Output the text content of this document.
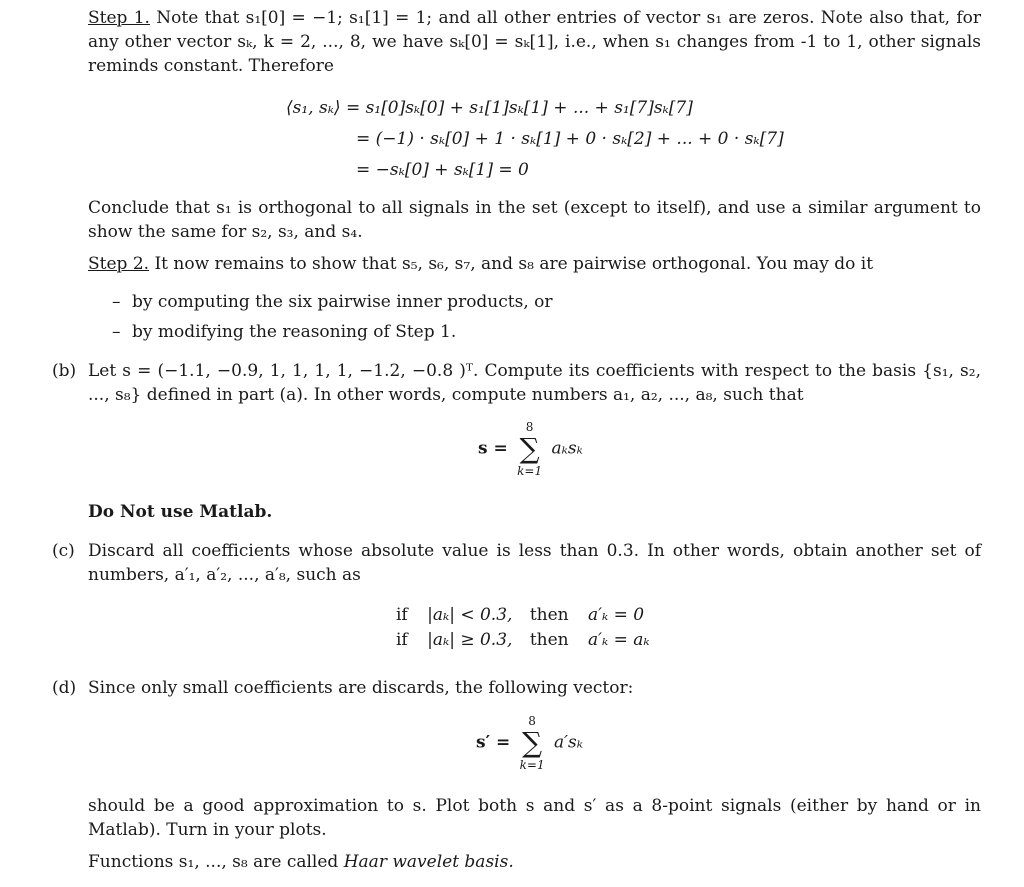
Step 1. Note that s₁[0] = −1; s₁[1] = 1; and all other entries of vector s₁ are zeros. Note also that, for any other vector sₖ, k = 2, ..., 8, we have sₖ[0] = sₖ[1], i.e., when s₁ changes from -1 to 1, other signals reminds constant. Therefore

⟨s₁, sₖ⟩ = s₁[0]sₖ[0] + s₁[1]sₖ[1] + ... + s₁[7]sₖ[7]
= (−1) · sₖ[0] + 1 · sₖ[1] + 0 · sₖ[2] + ... + 0 · sₖ[7]
= −sₖ[0] + sₖ[1] = 0

Conclude that s₁ is orthogonal to all signals in the set (except to itself), and use a similar argument to show the same for s₂, s₃, and s₄.

Step 2. It now remains to show that s₅, s₆, s₇, and s₈ are pairwise orthogonal. You may do it

– by computing the six pairwise inner products, or
– by modifying the reasoning of Step 1.
(b) Let s = (−1.1, −0.9, 1, 1, 1, 1, −1.2, −0.8 )ᵀ. Compute its coefficients with respect to the basis {s₁, s₂, ..., s₈} defined in part (a). In other words, compute numbers a₁, a₂, ..., a₈, such that

s =
8
∑
k=1
aₖsₖ
Do Not use Matlab.
(c) Discard all coefficients whose absolute value is less than 0.3. In other words, obtain another set of numbers, a′₁, a′₂, ..., a′₈, such as

if |aₖ| < 0.3, then a′ₖ = 0
if |aₖ| ≥ 0.3, then a′ₖ = aₖ
(d) Since only small coefficients are discards, the following vector:

s′ =
8
∑
k=1
a′sₖ

should be a good approximation to s. Plot both s and s′ as a 8-point signals (either by hand or in Matlab). Turn in your plots.

Functions s₁, ..., s₈ are called Haar wavelet basis.
